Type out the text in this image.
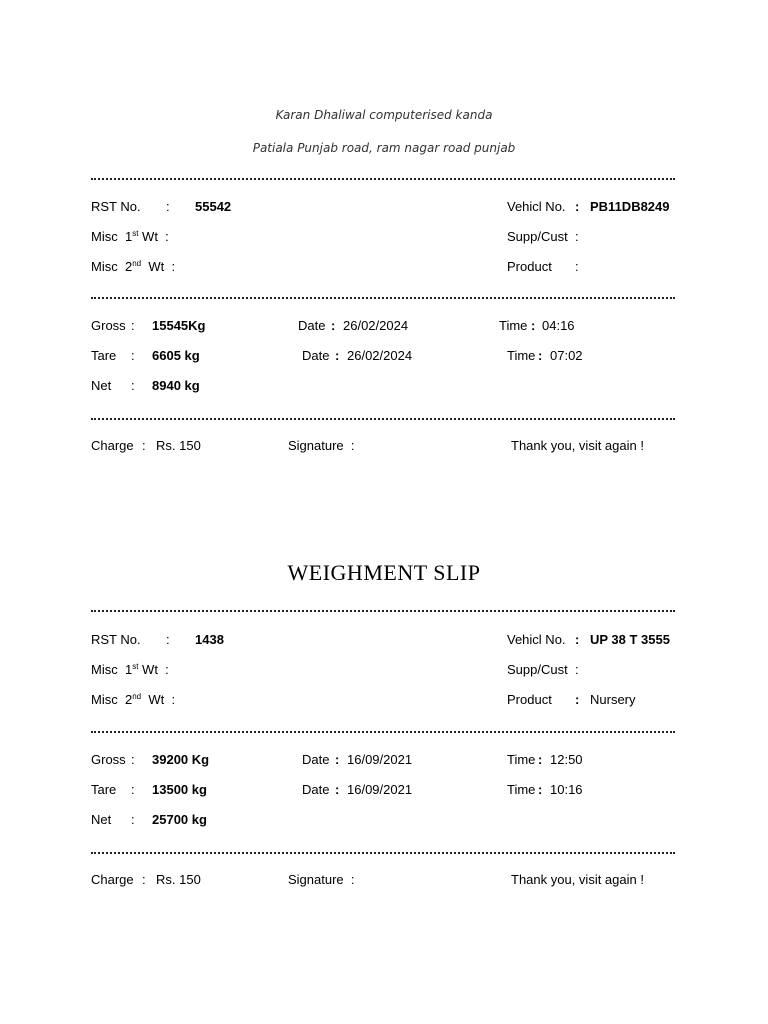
Karan Dhaliwal computerised kanda
Patiala Punjab road, ram nagar road punjab
RST No. : 55542	Vehicl No. : PB11DB8249
Misc 1st Wt :	Supp/Cust :
Misc 2nd Wt :	Product :
Gross : 15545Kg	Date : 26/02/2024	Time : 04:16
Tare : 6605 kg	Date : 26/02/2024	Time : 07:02
Net : 8940 kg
Charge : Rs. 150	Signature :	Thank you, visit again !
WEIGHMENT SLIP
RST No. : 1438	Vehicl No. : UP 38 T 3555
Misc 1st Wt :	Supp/Cust :
Misc 2nd Wt :	Product : Nursery
Gross : 39200 Kg	Date : 16/09/2021	Time : 12:50
Tare : 13500 kg	Date : 16/09/2021	Time : 10:16
Net : 25700 kg
Charge : Rs. 150	Signature :	Thank you, visit again !
